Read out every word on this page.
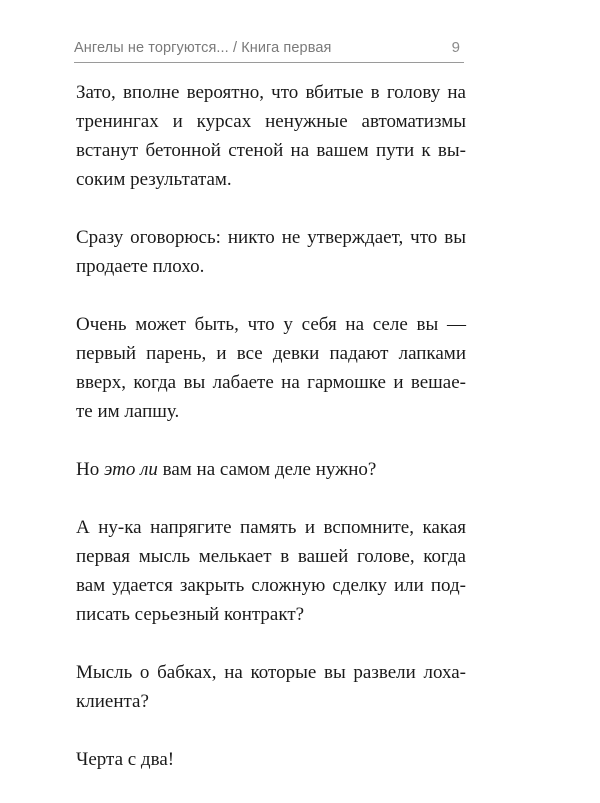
Ангелы не торгуются... / Книга первая	9

Зато, вполне вероятно, что вбитые в голову на
тренингах и курсах ненужные автоматизмы
встанут бетонной стеной на вашем пути к вы-
соким результатам.

Сразу оговорюсь: никто не утверждает, что вы
продаете плохо.

Очень может быть, что у себя на селе вы —
первый парень, и все девки падают лапками
вверх, когда вы лабаете на гармошке и вешае-
те им лапшу.

Но это ли вам на самом деле нужно?

А ну-ка напрягите память и вспомните, какая
первая мысль мелькает в вашей голове, когда
вам удается закрыть сложную сделку или под-
писать серьезный контракт?

Мысль о бабках, на которые вы развели лоха-
клиента?

Черта с два!
